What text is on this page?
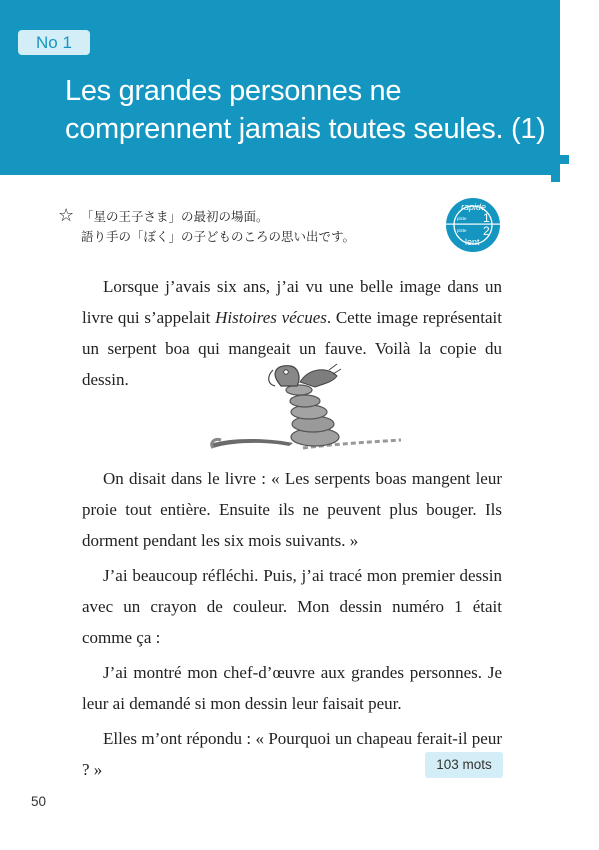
No 1
Les grandes personnes ne
comprennent jamais toutes seules. (1)
☆ 「星の王子さま」の最初の場面。
語り手の「ぼく」の子どものころの思い出です。
rapide
piste 1
piste 2
lent

Lorsque j’avais six ans, j’ai vu une belle image dans un livre qui s’appelait Histoires vécues. Cette image représentait un serpent boa qui mangeait un fauve. Voilà la copie du dessin.

On disait dans le livre : « Les serpents boas mangent leur proie tout entière. Ensuite ils ne peuvent plus bouger. Ils dorment pendant les six mois suivants. »

J’ai beaucoup réfléchi. Puis, j’ai tracé mon premier dessin avec un crayon de couleur. Mon dessin numéro 1 était comme ça :

J’ai montré mon chef-d’œuvre aux grandes personnes. Je leur ai demandé si mon dessin leur faisait peur.

Elles m’ont répondu : « Pourquoi un chapeau ferait-il peur ? »	103 mots
50
